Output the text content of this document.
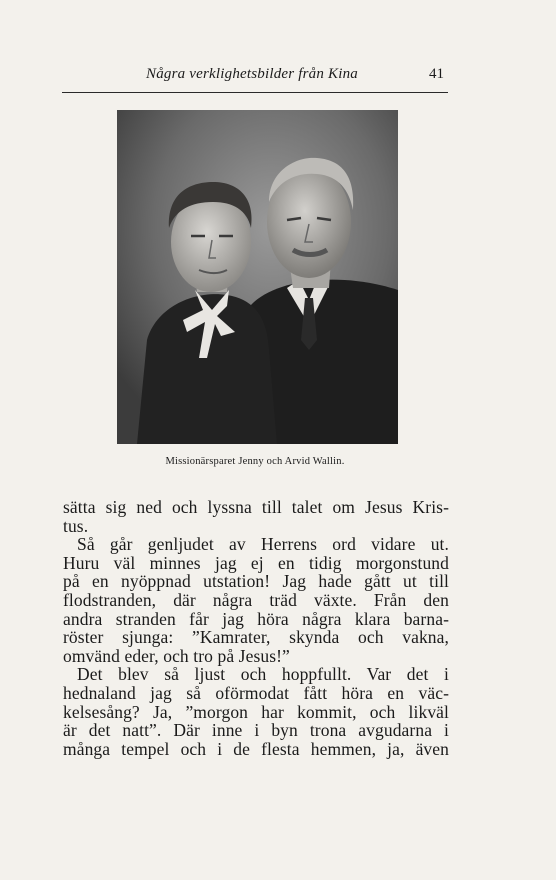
Några verklighetsbilder från Kina	41
Missionärsparet Jenny och Arvid Wallin.
sätta sig ned och lyssna till talet om Jesus Kris-
tus.
Så går genljudet av Herrens ord vidare ut.
Huru väl minnes jag ej en tidig morgonstund
på en nyöppnad utstation! Jag hade gått ut till
flodstranden, där några träd växte. Från den
andra stranden får jag höra några klara barna-
röster sjunga: ”Kamrater, skynda och vakna,
omvänd eder, och tro på Jesus!”
Det blev så ljust och hoppfullt. Var det i
hednaland jag så oförmodat fått höra en väc-
kelsesång? Ja, ”morgon har kommit, och likväl
är det natt”. Där inne i byn trona avgudarna i
många tempel och i de flesta hemmen, ja, även
